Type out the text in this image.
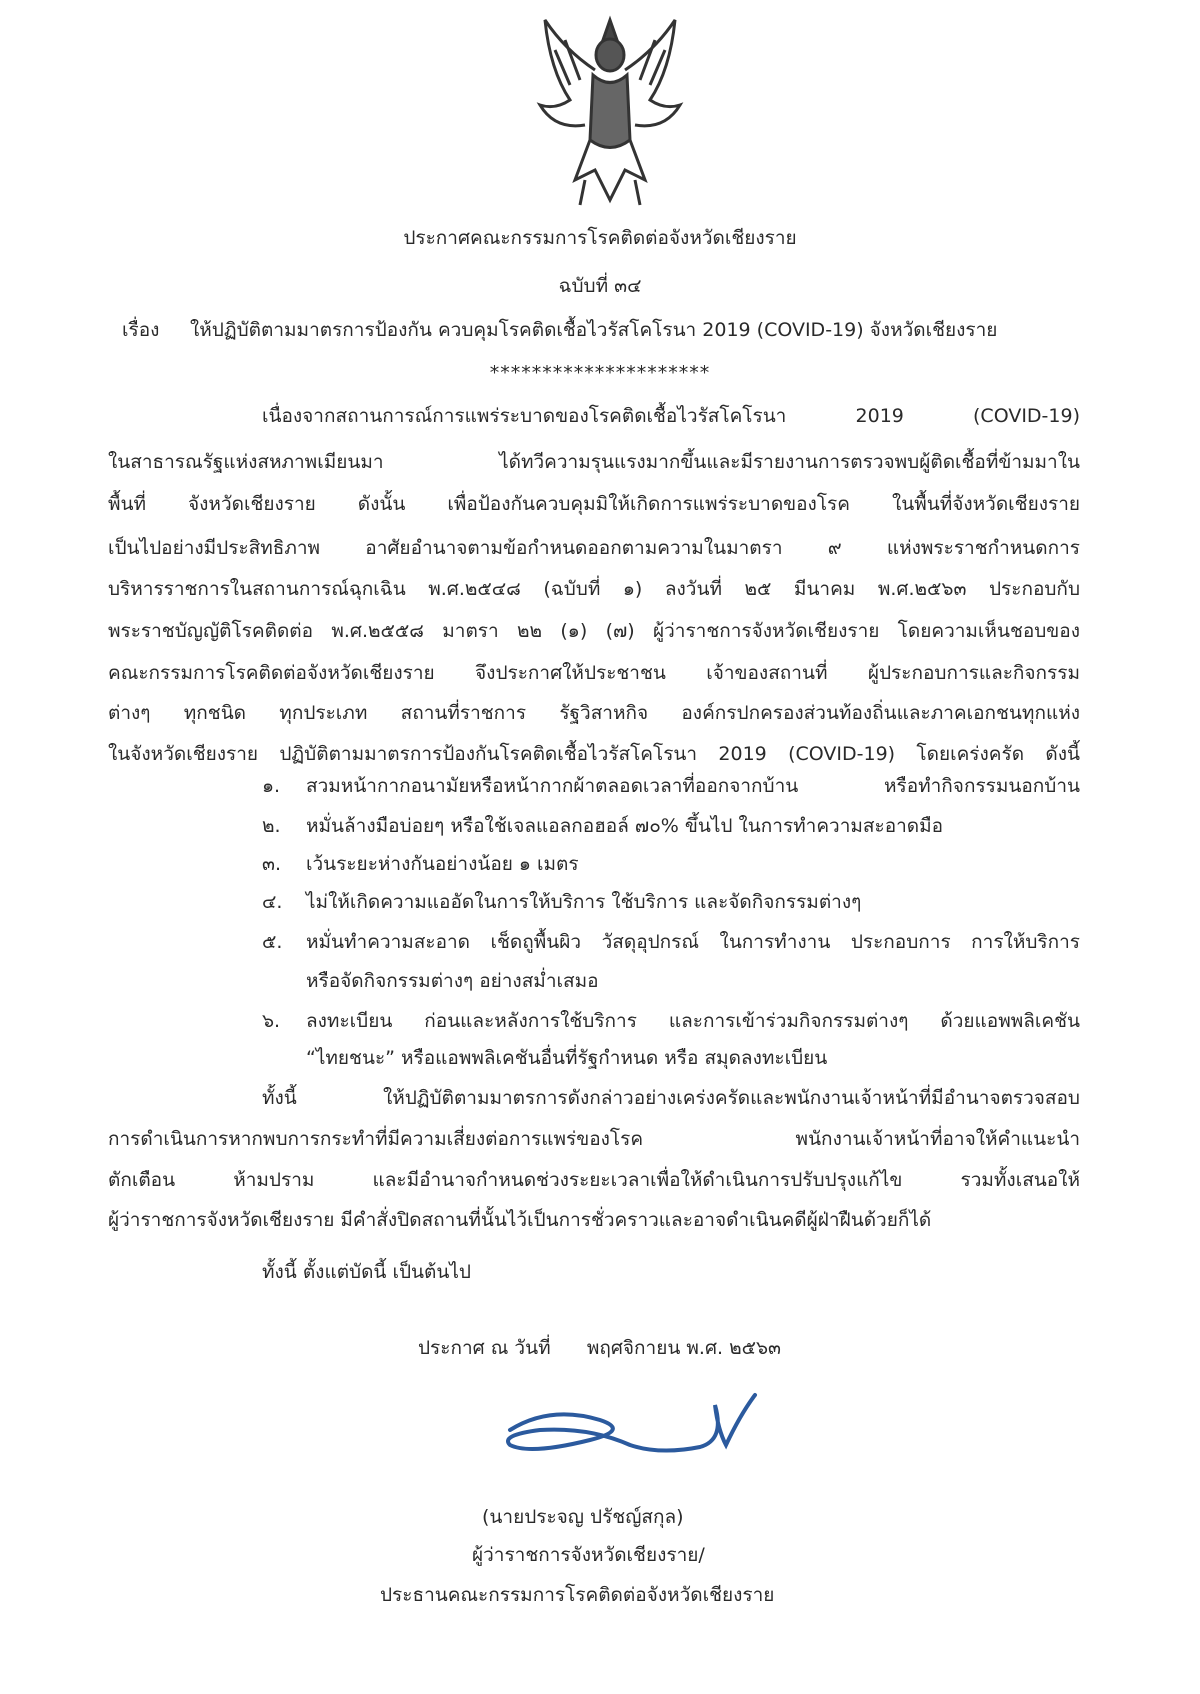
ประกาศคณะกรรมการโรคติดต่อจังหวัดเชียงราย
ฉบับที่ ๓๔
เรื่อง ให้ปฏิบัติตามมาตรการป้องกัน ควบคุมโรคติดเชื้อไวรัสโคโรนา 2019 (COVID-19) จังหวัดเชียงราย
*********************
เนื่องจากสถานการณ์การแพร่ระบาดของโรคติดเชื้อไวรัสโคโรนา 2019 (COVID-19)
ในสาธารณรัฐแห่งสหภาพเมียนมา ได้ทวีความรุนแรงมากขึ้นและมีรายงานการตรวจพบผู้ติดเชื้อที่ข้ามมาใน
พื้นที่ จังหวัดเชียงราย ดังนั้น เพื่อป้องกันควบคุมมิให้เกิดการแพร่ระบาดของโรค ในพื้นที่จังหวัดเชียงราย
เป็นไปอย่างมีประสิทธิภาพ อาศัยอำนาจตามข้อกำหนดออกตามความในมาตรา ๙ แห่งพระราชกำหนดการ
บริหารราชการในสถานการณ์ฉุกเฉิน พ.ศ.๒๕๔๘ (ฉบับที่ ๑) ลงวันที่ ๒๕ มีนาคม พ.ศ.๒๕๖๓ ประกอบกับ
พระราชบัญญัติโรคติดต่อ พ.ศ.๒๕๕๘ มาตรา ๒๒ (๑) (๗) ผู้ว่าราชการจังหวัดเชียงราย โดยความเห็นชอบของ
คณะกรรมการโรคติดต่อจังหวัดเชียงราย จึงประกาศให้ประชาชน เจ้าของสถานที่ ผู้ประกอบการและกิจกรรม
ต่างๆ ทุกชนิด ทุกประเภท สถานที่ราชการ รัฐวิสาหกิจ องค์กรปกครองส่วนท้องถิ่นและภาคเอกชนทุกแห่ง
ในจังหวัดเชียงราย ปฏิบัติตามมาตรการป้องกันโรคติดเชื้อไวรัสโคโรนา 2019 (COVID-19) โดยเคร่งครัด ดังนี้
๑. สวมหน้ากากอนามัยหรือหน้ากากผ้าตลอดเวลาที่ออกจากบ้าน หรือทำกิจกรรมนอกบ้าน
๒. หมั่นล้างมือบ่อยๆ หรือใช้เจลแอลกอฮอล์ ๗๐% ขึ้นไป ในการทำความสะอาดมือ
๓. เว้นระยะห่างกันอย่างน้อย ๑ เมตร
๔. ไม่ให้เกิดความแออัดในการให้บริการ ใช้บริการ และจัดกิจกรรมต่างๆ
๕. หมั่นทำความสะอาด เช็ดถูพื้นผิว วัสดุอุปกรณ์ ในการทำงาน ประกอบการ การให้บริการ
หรือจัดกิจกรรมต่างๆ อย่างสม่ำเสมอ
๖. ลงทะเบียน ก่อนและหลังการใช้บริการ และการเข้าร่วมกิจกรรมต่างๆ ด้วยแอพพลิเคชัน
“ไทยชนะ” หรือแอพพลิเคชันอื่นที่รัฐกำหนด หรือ สมุดลงทะเบียน
ทั้งนี้ ให้ปฏิบัติตามมาตรการดังกล่าวอย่างเคร่งครัดและพนักงานเจ้าหน้าที่มีอำนาจตรวจสอบ
การดำเนินการหากพบการกระทำที่มีความเสี่ยงต่อการแพร่ของโรค พนักงานเจ้าหน้าที่อาจให้คำแนะนำ
ตักเตือน ห้ามปราม และมีอำนาจกำหนดช่วงระยะเวลาเพื่อให้ดำเนินการปรับปรุงแก้ไข รวมทั้งเสนอให้
ผู้ว่าราชการจังหวัดเชียงราย มีคำสั่งปิดสถานที่นั้นไว้เป็นการชั่วคราวและอาจดำเนินคดีผู้ฝ่าฝืนด้วยก็ได้
ทั้งนี้ ตั้งแต่บัดนี้ เป็นต้นไป
ประกาศ ณ วันที่      พฤศจิกายน พ.ศ. ๒๕๖๓
(นายประจญ ปรัชญ์สกุล)
ผู้ว่าราชการจังหวัดเชียงราย/
ประธานคณะกรรมการโรคติดต่อจังหวัดเชียงราย
